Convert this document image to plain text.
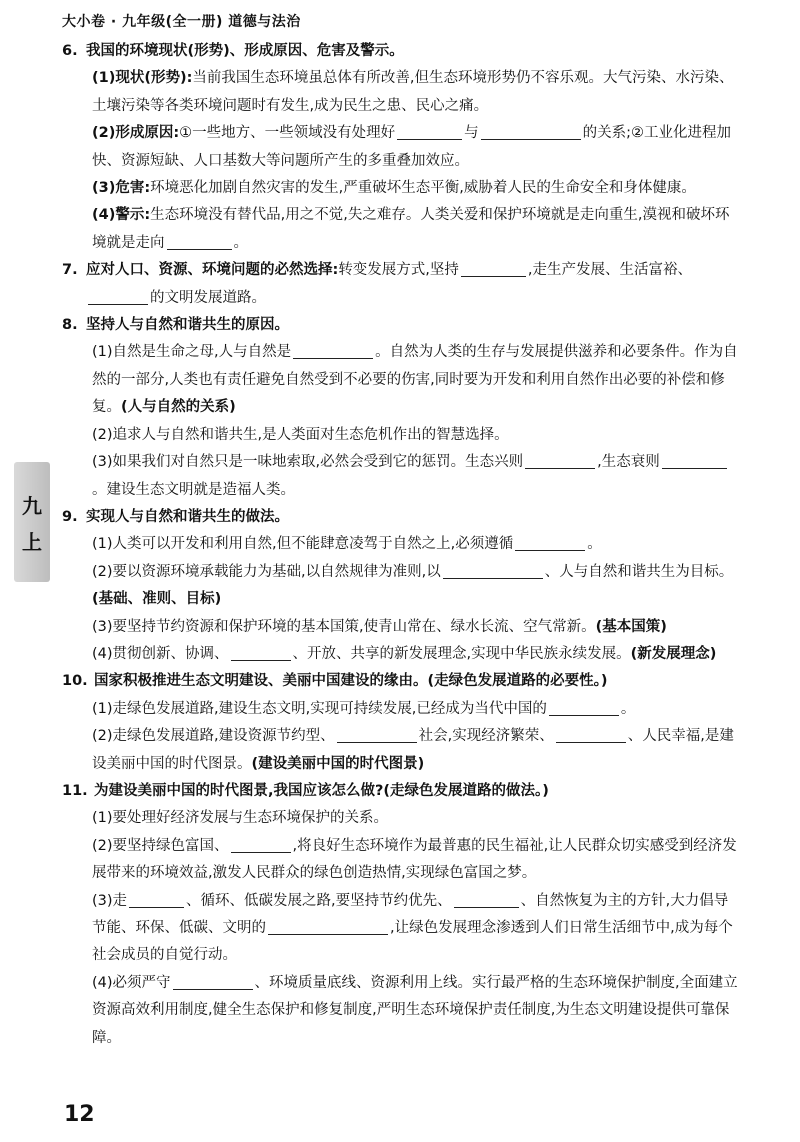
大小卷 · 九年级(全一册) 道德与法治
九
上
6. 我国的环境现状(形势)、形成原因、危害及警示。
(1)现状(形势):当前我国生态环境虽总体有所改善,但生态环境形势仍不容乐观。大气污染、水污染、土壤污染等各类环境问题时有发生,成为民生之患、民心之痛。
(2)形成原因:①一些地方、一些领域没有处理好	与	的关系;②工业化进程加快、资源短缺、人口基数大等问题所产生的多重叠加效应。
(3)危害:环境恶化加剧自然灾害的发生,严重破坏生态平衡,威胁着人民的生命安全和身体健康。
(4)警示:生态环境没有替代品,用之不觉,失之难存。人类关爱和保护环境就是走向重生,漠视和破坏环境就是走向	。
7. 应对人口、资源、环境问题的必然选择:转变发展方式,坚持	,走生产发展、生活富裕、
的文明发展道路。
8. 坚持人与自然和谐共生的原因。
(1)自然是生命之母,人与自然是	。自然为人类的生存与发展提供滋养和必要条件。作为自然的一部分,人类也有责任避免自然受到不必要的伤害,同时要为开发和利用自然作出必要的补偿和修复。(人与自然的关系)
(2)追求人与自然和谐共生,是人类面对生态危机作出的智慧选择。
(3)如果我们对自然只是一味地索取,必然会受到它的惩罚。生态兴则	,生态衰则。建设生态文明就是造福人类。
9. 实现人与自然和谐共生的做法。
(1)人类可以开发和利用自然,但不能肆意凌驾于自然之上,必须遵循	。
(2)要以资源环境承载能力为基础,以自然规律为准则,以	、人与自然和谐共生为目标。(基础、准则、目标)
(3)要坚持节约资源和保护环境的基本国策,使青山常在、绿水长流、空气常新。(基本国策)
(4)贯彻创新、协调、	、开放、共享的新发展理念,实现中华民族永续发展。(新发展理念)
10. 国家积极推进生态文明建设、美丽中国建设的缘由。(走绿色发展道路的必要性。)
(1)走绿色发展道路,建设生态文明,实现可持续发展,已经成为当代中国的	。
(2)走绿色发展道路,建设资源节约型、	社会,实现经济繁荣、	、人民幸福,是建设美丽中国的时代图景。(建设美丽中国的时代图景)
11. 为建设美丽中国的时代图景,我国应该怎么做?(走绿色发展道路的做法。)
(1)要处理好经济发展与生态环境保护的关系。
(2)要坚持绿色富国、	,将良好生态环境作为最普惠的民生福祉,让人民群众切实感受到经济发展带来的环境效益,激发人民群众的绿色创造热情,实现绿色富国之梦。
(3)走	、循环、低碳发展之路,要坚持节约优先、	、自然恢复为主的方针,大力倡导节能、环保、低碳、文明的	,让绿色发展理念渗透到人们日常生活细节中,成为每个社会成员的自觉行动。
(4)必须严守	、环境质量底线、资源利用上线。实行最严格的生态环境保护制度,全面建立资源高效利用制度,健全生态保护和修复制度,严明生态环境保护责任制度,为生态文明建设提供可靠保障。
12
